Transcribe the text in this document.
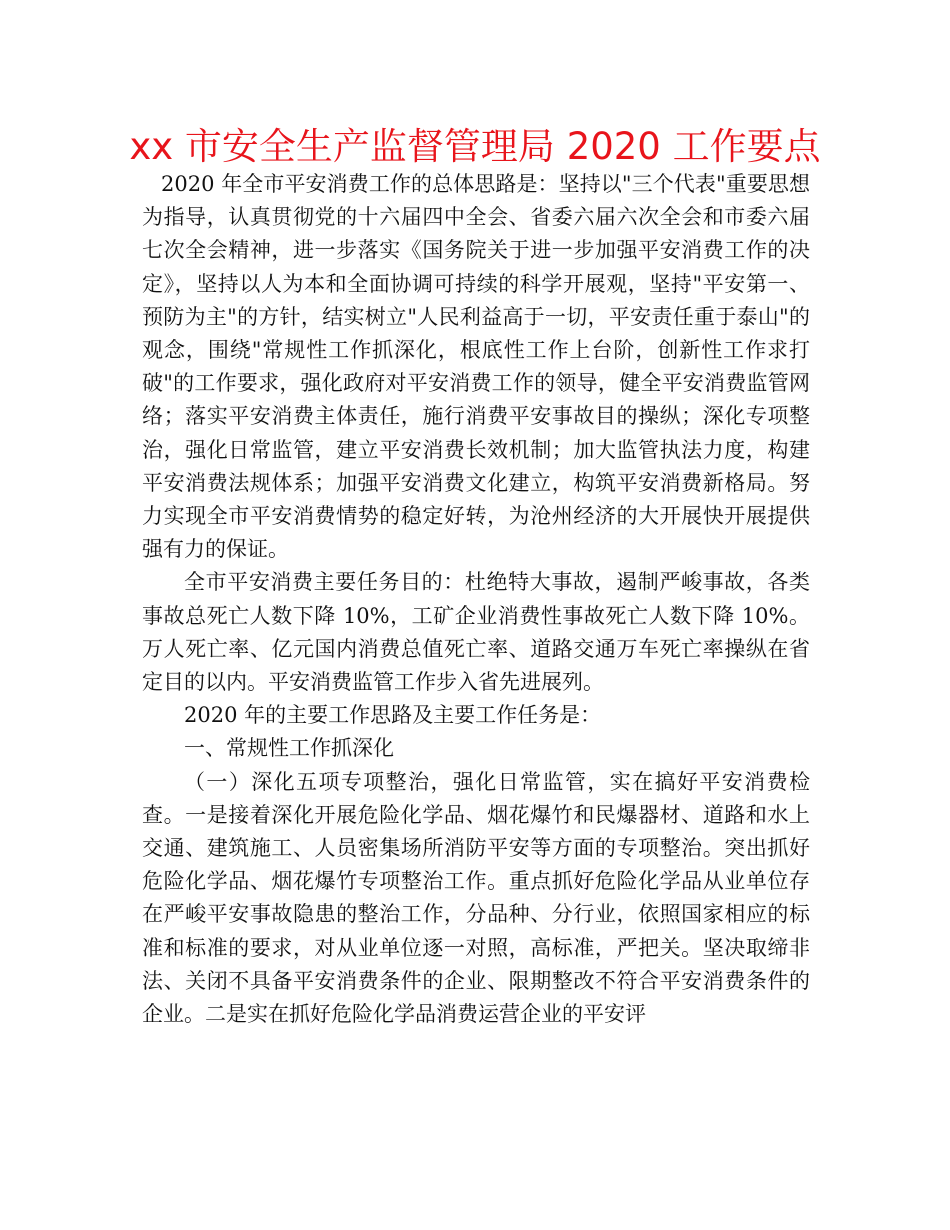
xx 市安全生产监督管理局 2020 工作要点

2020 年全市平安消费工作的总体思路是：坚持以"三个代表"重要思想为指导，认真贯彻党的十六届四中全会、省委六届六次全会和市委六届七次全会精神，进一步落实《国务院关于进一步加强平安消费工作的决定》，坚持以人为本和全面协调可持续的科学开展观，坚持"平安第一、预防为主"的方针，结实树立"人民利益高于一切，平安责任重于泰山"的观念，围绕"常规性工作抓深化，根底性工作上台阶，创新性工作求打破"的工作要求，强化政府对平安消费工作的领导，健全平安消费监管网络；落实平安消费主体责任，施行消费平安事故目的操纵；深化专项整治，强化日常监管，建立平安消费长效机制；加大监管执法力度，构建平安消费法规体系；加强平安消费文化建立，构筑平安消费新格局。努力实现全市平安消费情势的稳定好转，为沧州经济的大开展快开展提供强有力的保证。

全市平安消费主要任务目的：杜绝特大事故，遏制严峻事故，各类事故总死亡人数下降 10%，工矿企业消费性事故死亡人数下降 10%。万人死亡率、亿元国内消费总值死亡率、道路交通万车死亡率操纵在省定目的以内。平安消费监管工作步入省先进展列。

2020 年的主要工作思路及主要工作任务是：

一、常规性工作抓深化

（一）深化五项专项整治，强化日常监管，实在搞好平安消费检查。一是接着深化开展危险化学品、烟花爆竹和民爆器材、道路和水上交通、建筑施工、人员密集场所消防平安等方面的专项整治。突出抓好危险化学品、烟花爆竹专项整治工作。重点抓好危险化学品从业单位存在严峻平安事故隐患的整治工作，分品种、分行业，依照国家相应的标准和标准的要求，对从业单位逐一对照，高标准，严把关。坚决取缔非法、关闭不具备平安消费条件的企业、限期整改不符合平安消费条件的企业。二是实在抓好危险化学品消费运营企业的平安评
